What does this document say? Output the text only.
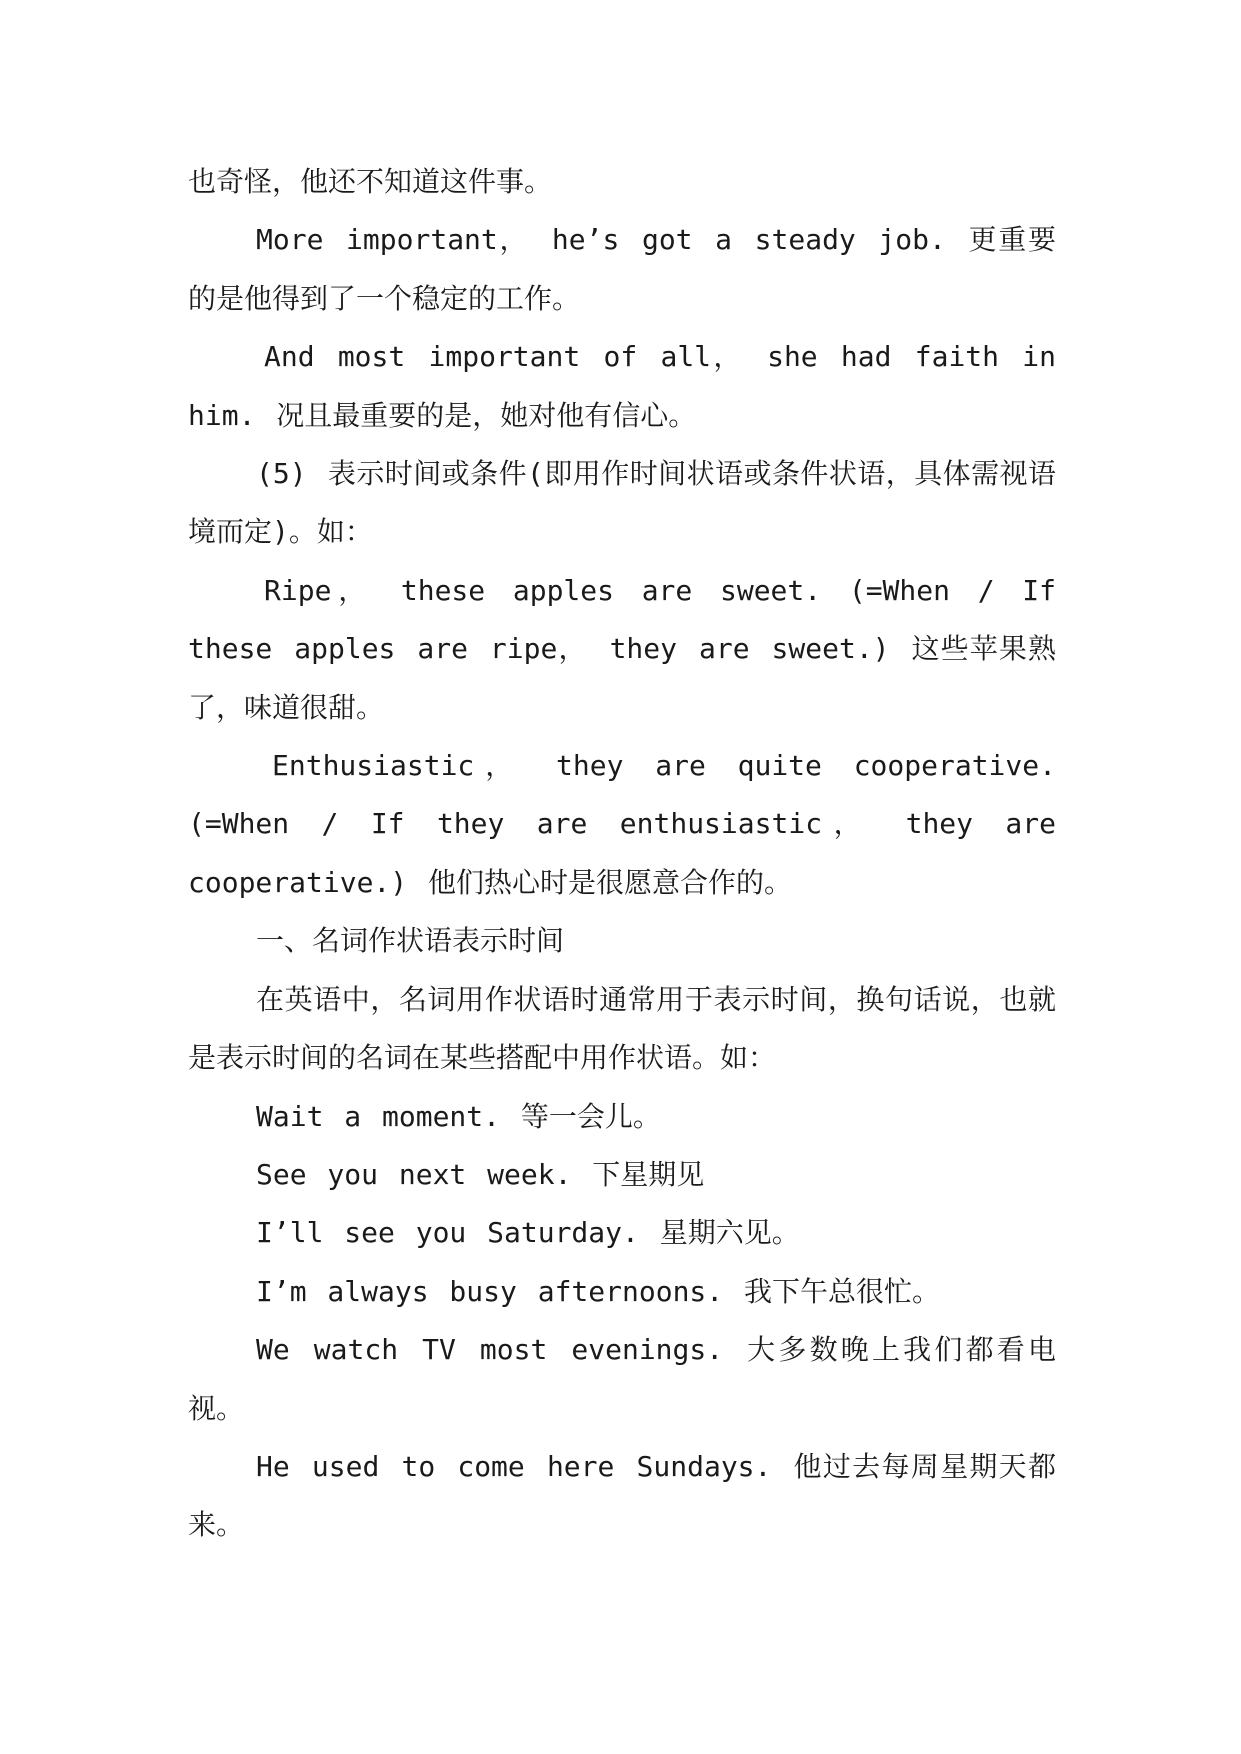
也奇怪，他还不知道这件事。

More important， he’s got a steady job. 更重要的是他得到了一个稳定的工作。

And most important of all， she had faith in him. 况且最重要的是，她对他有信心。

(5) 表示时间或条件(即用作时间状语或条件状语，具体需视语境而定)。如：

Ripe， these apples are sweet. (=When / If these apples are ripe， they are sweet.) 这些苹果熟了，味道很甜。

Enthusiastic， they are quite cooperative. (=When / If they are enthusiastic， they are cooperative.) 他们热心时是很愿意合作的。

一、名词作状语表示时间

在英语中，名词用作状语时通常用于表示时间，换句话说，也就是表示时间的名词在某些搭配中用作状语。如：

Wait a moment. 等一会儿。

See you next week. 下星期见

I’ll see you Saturday. 星期六见。

I’m always busy afternoons. 我下午总很忙。

We watch TV most evenings. 大多数晚上我们都看电视。

He used to come here Sundays. 他过去每周星期天都来。
